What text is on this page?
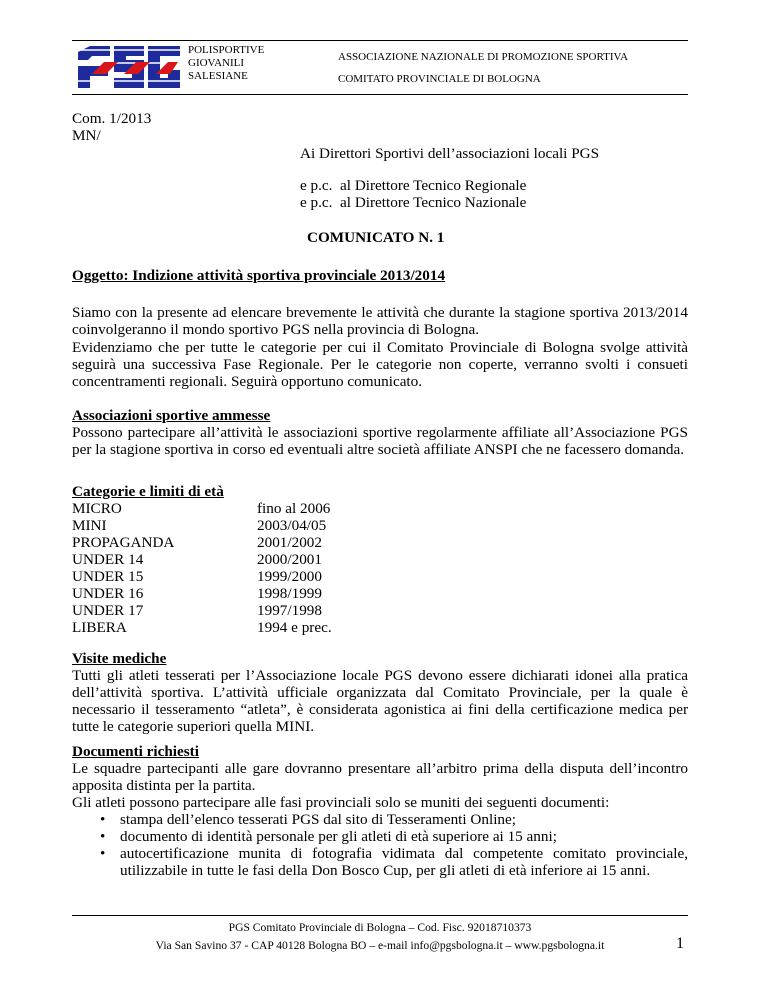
POLISPORTIVE
GIOVANILI
SALESIANE
ASSOCIAZIONE NAZIONALE DI PROMOZIONE SPORTIVA
COMITATO PROVINCIALE DI BOLOGNA
Com. 1/2013
MN/
Ai Direttori Sportivi dell’associazioni locali PGS
e p.c.  al Direttore Tecnico Regionale
e p.c.  al Direttore Tecnico Nazionale
COMUNICATO N. 1
Oggetto: Indizione attività sportiva provinciale 2013/2014
Siamo con la presente ad elencare brevemente le attività che durante la stagione sportiva 2013/2014 coinvolgeranno il mondo sportivo PGS nella provincia di Bologna.
Evidenziamo che per tutte le categorie per cui il Comitato Provinciale di Bologna svolge attività seguirà una successiva Fase Regionale. Per le categorie non coperte, verranno svolti i consueti concentramenti regionali. Seguirà opportuno comunicato.
Associazioni sportive ammesse
Possono partecipare all’attività le associazioni sportive regolarmente affiliate all’Associazione PGS per la stagione sportiva in corso ed eventuali altre società affiliate ANSPI che ne facessero domanda.
Categorie e limiti di età
MICRO	fino al 2006
MINI	2003/04/05
PROPAGANDA	2001/2002
UNDER 14	2000/2001
UNDER 15	1999/2000
UNDER 16	1998/1999
UNDER 17	1997/1998
LIBERA	1994 e prec.
Visite mediche
Tutti gli atleti tesserati per l’Associazione locale PGS devono essere dichiarati idonei alla pratica dell’attività sportiva. L’attività ufficiale organizzata dal Comitato Provinciale, per la quale è necessario il tesseramento “atleta”, è considerata agonistica ai fini della certificazione medica per tutte le categorie superiori quella MINI.
Documenti richiesti
Le squadre partecipanti alle gare dovranno presentare all’arbitro prima della disputa dell’incontro apposita distinta per la partita.
Gli atleti possono partecipare alle fasi provinciali solo se muniti dei seguenti documenti:
• stampa dell’elenco tesserati PGS dal sito di Tesseramenti Online;
• documento di identità personale per gli atleti di età superiore ai 15 anni;
• autocertificazione munita di fotografia vidimata dal competente comitato provinciale, utilizzabile in tutte le fasi della Don Bosco Cup, per gli atleti di età inferiore ai 15 anni.
PGS Comitato Provinciale di Bologna – Cod. Fisc. 92018710373
Via San Savino 37 - CAP 40128 Bologna BO – e-mail info@pgsbologna.it – www.pgsbologna.it	1
